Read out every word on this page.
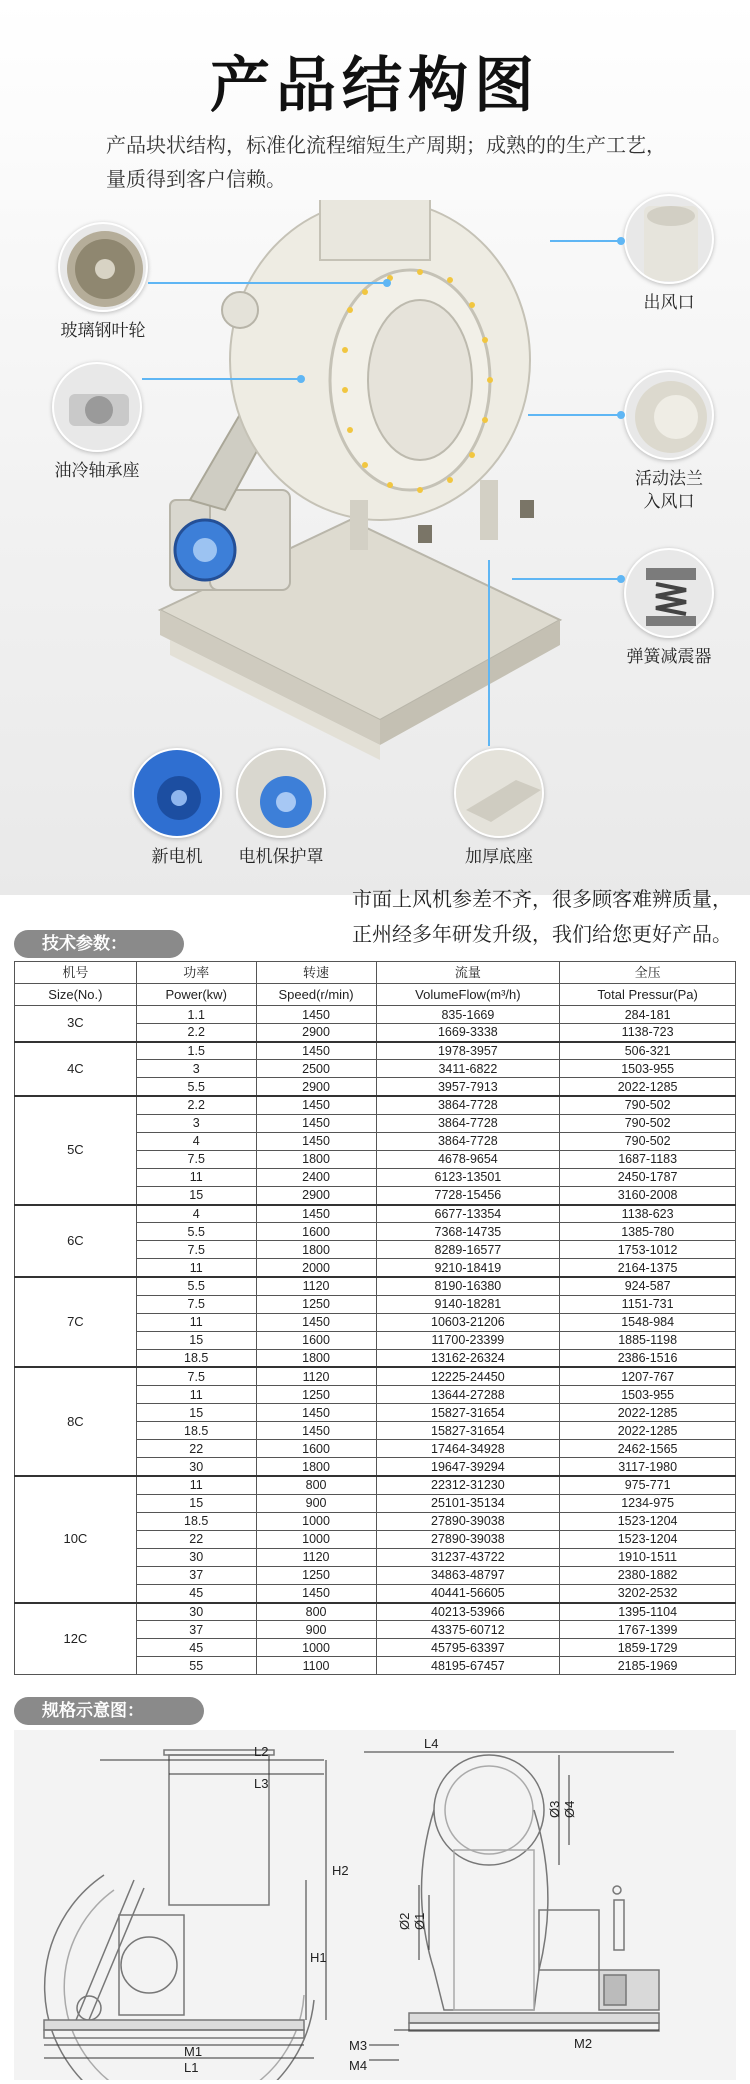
产品结构图
产品块状结构，标准化流程缩短生产周期；成熟的的生产工艺，
量质得到客户信赖。
玻璃钢叶轮
油冷轴承座
出风口
活动法兰
入风口
弹簧减震器
新电机	电机保护罩	加厚底座
市面上风机参差不齐，很多顾客难辨质量，
正州经多年研发升级，我们给您更好产品。
技术参数：
机号	功率	转速	流量	全压
Size(No.)	Power(kw)	Speed(r/min)	VolumeFlow(m³/h)	Total Pressur(Pa)
3C	1.1	1450	835-1669	284-181
	2.2	2900	1669-3338	1138-723
4C	1.5	1450	1978-3957	506-321
	3	2500	3411-6822	1503-955
	5.5	2900	3957-7913	2022-1285
5C	2.2	1450	3864-7728	790-502
	3	1450	3864-7728	790-502
	4	1450	3864-7728	790-502
	7.5	1800	4678-9654	1687-1183
	11	2400	6123-13501	2450-1787
	15	2900	7728-15456	3160-2008
6C	4	1450	6677-13354	1138-623
	5.5	1600	7368-14735	1385-780
	7.5	1800	8289-16577	1753-1012
	11	2000	9210-18419	2164-1375
7C	5.5	1120	8190-16380	924-587
	7.5	1250	9140-18281	1151-731
	11	1450	10603-21206	1548-984
	15	1600	11700-23399	1885-1198
	18.5	1800	13162-26324	2386-1516
8C	7.5	1120	12225-24450	1207-767
	11	1250	13644-27288	1503-955
	15	1450	15827-31654	2022-1285
	18.5	1450	15827-31654	2022-1285
	22	1600	17464-34928	2462-1565
	30	1800	19647-39294	3117-1980
10C	11	800	22312-31230	975-771
	15	900	25101-35134	1234-975
	18.5	1000	27890-39038	1523-1204
	22	1000	27890-39038	1523-1204
	30	1120	31237-43722	1910-1511
	37	1250	34863-48797	2380-1882
	45	1450	40441-56605	3202-2532
12C	30	800	40213-53966	1395-1104
	37	900	43375-60712	1767-1399
	45	1000	45795-63397	1859-1729
	55	1100	48195-67457	2185-1969
规格示意图：
L2
L3
H2
H1
M1
L1
L4
Ø3 Ø4
Ø2 Ø1
M3
M4
M2
